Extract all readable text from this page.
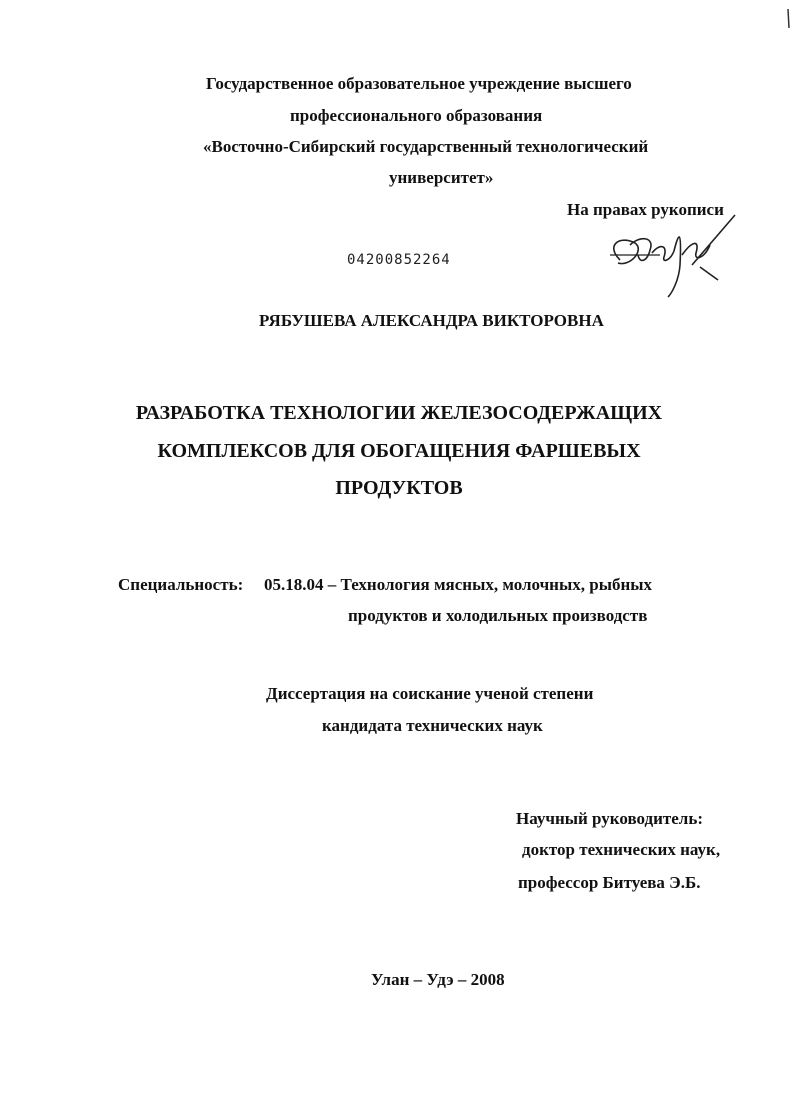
Государственное образовательное учреждение высшего
профессионального образования
«Восточно-Сибирский государственный технологический
университет»
На правах рукописи
04200852264
РЯБУШЕВА АЛЕКСАНДРА ВИКТОРОВНА
РАЗРАБОТКА ТЕХНОЛОГИИ ЖЕЛЕЗОСОДЕРЖАЩИХ
КОМПЛЕКСОВ ДЛЯ ОБОГАЩЕНИЯ ФАРШЕВЫХ
ПРОДУКТОВ
Специальность: 05.18.04 – Технология мясных, молочных, рыбных
продуктов и холодильных производств
Диссертация на соискание ученой степени
кандидата технических наук
Научный руководитель:
доктор технических наук,
профессор Битуева Э.Б.
Улан – Удэ – 2008
